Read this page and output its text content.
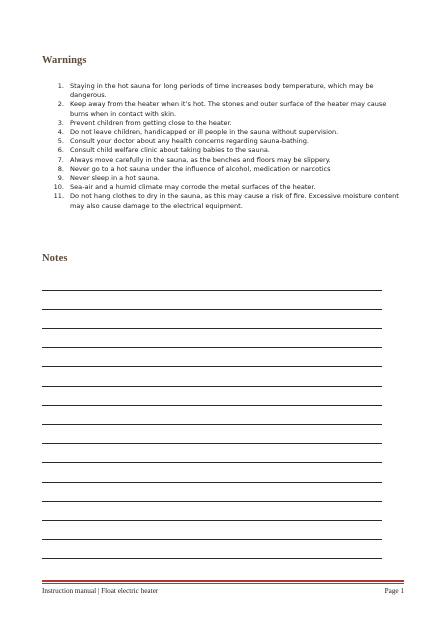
Warnings
1. Staying in the hot sauna for long periods of time increases body temperature, which may be dangerous.
2. Keep away from the heater when it’s hot. The stones and outer surface of the heater may cause burns when in contact with skin.
3. Prevent children from getting close to the heater.
4. Do not leave children, handicapped or ill people in the sauna without supervision.
5. Consult your doctor about any health concerns regarding sauna-bathing.
6. Consult child welfare clinic about taking babies to the sauna.
7. Always move carefully in the sauna, as the benches and floors may be slippery.
8. Never go to a hot sauna under the influence of alcohol, medication or narcotics
9. Never sleep in a hot sauna.
10. Sea-air and a humid climate may corrode the metal surfaces of the heater.
11. Do not hang clothes to dry in the sauna, as this may cause a risk of fire. Excessive moisture content may also cause damage to the electrical equipment.
Notes
Instruction manual | Float electric heater	Page 1
